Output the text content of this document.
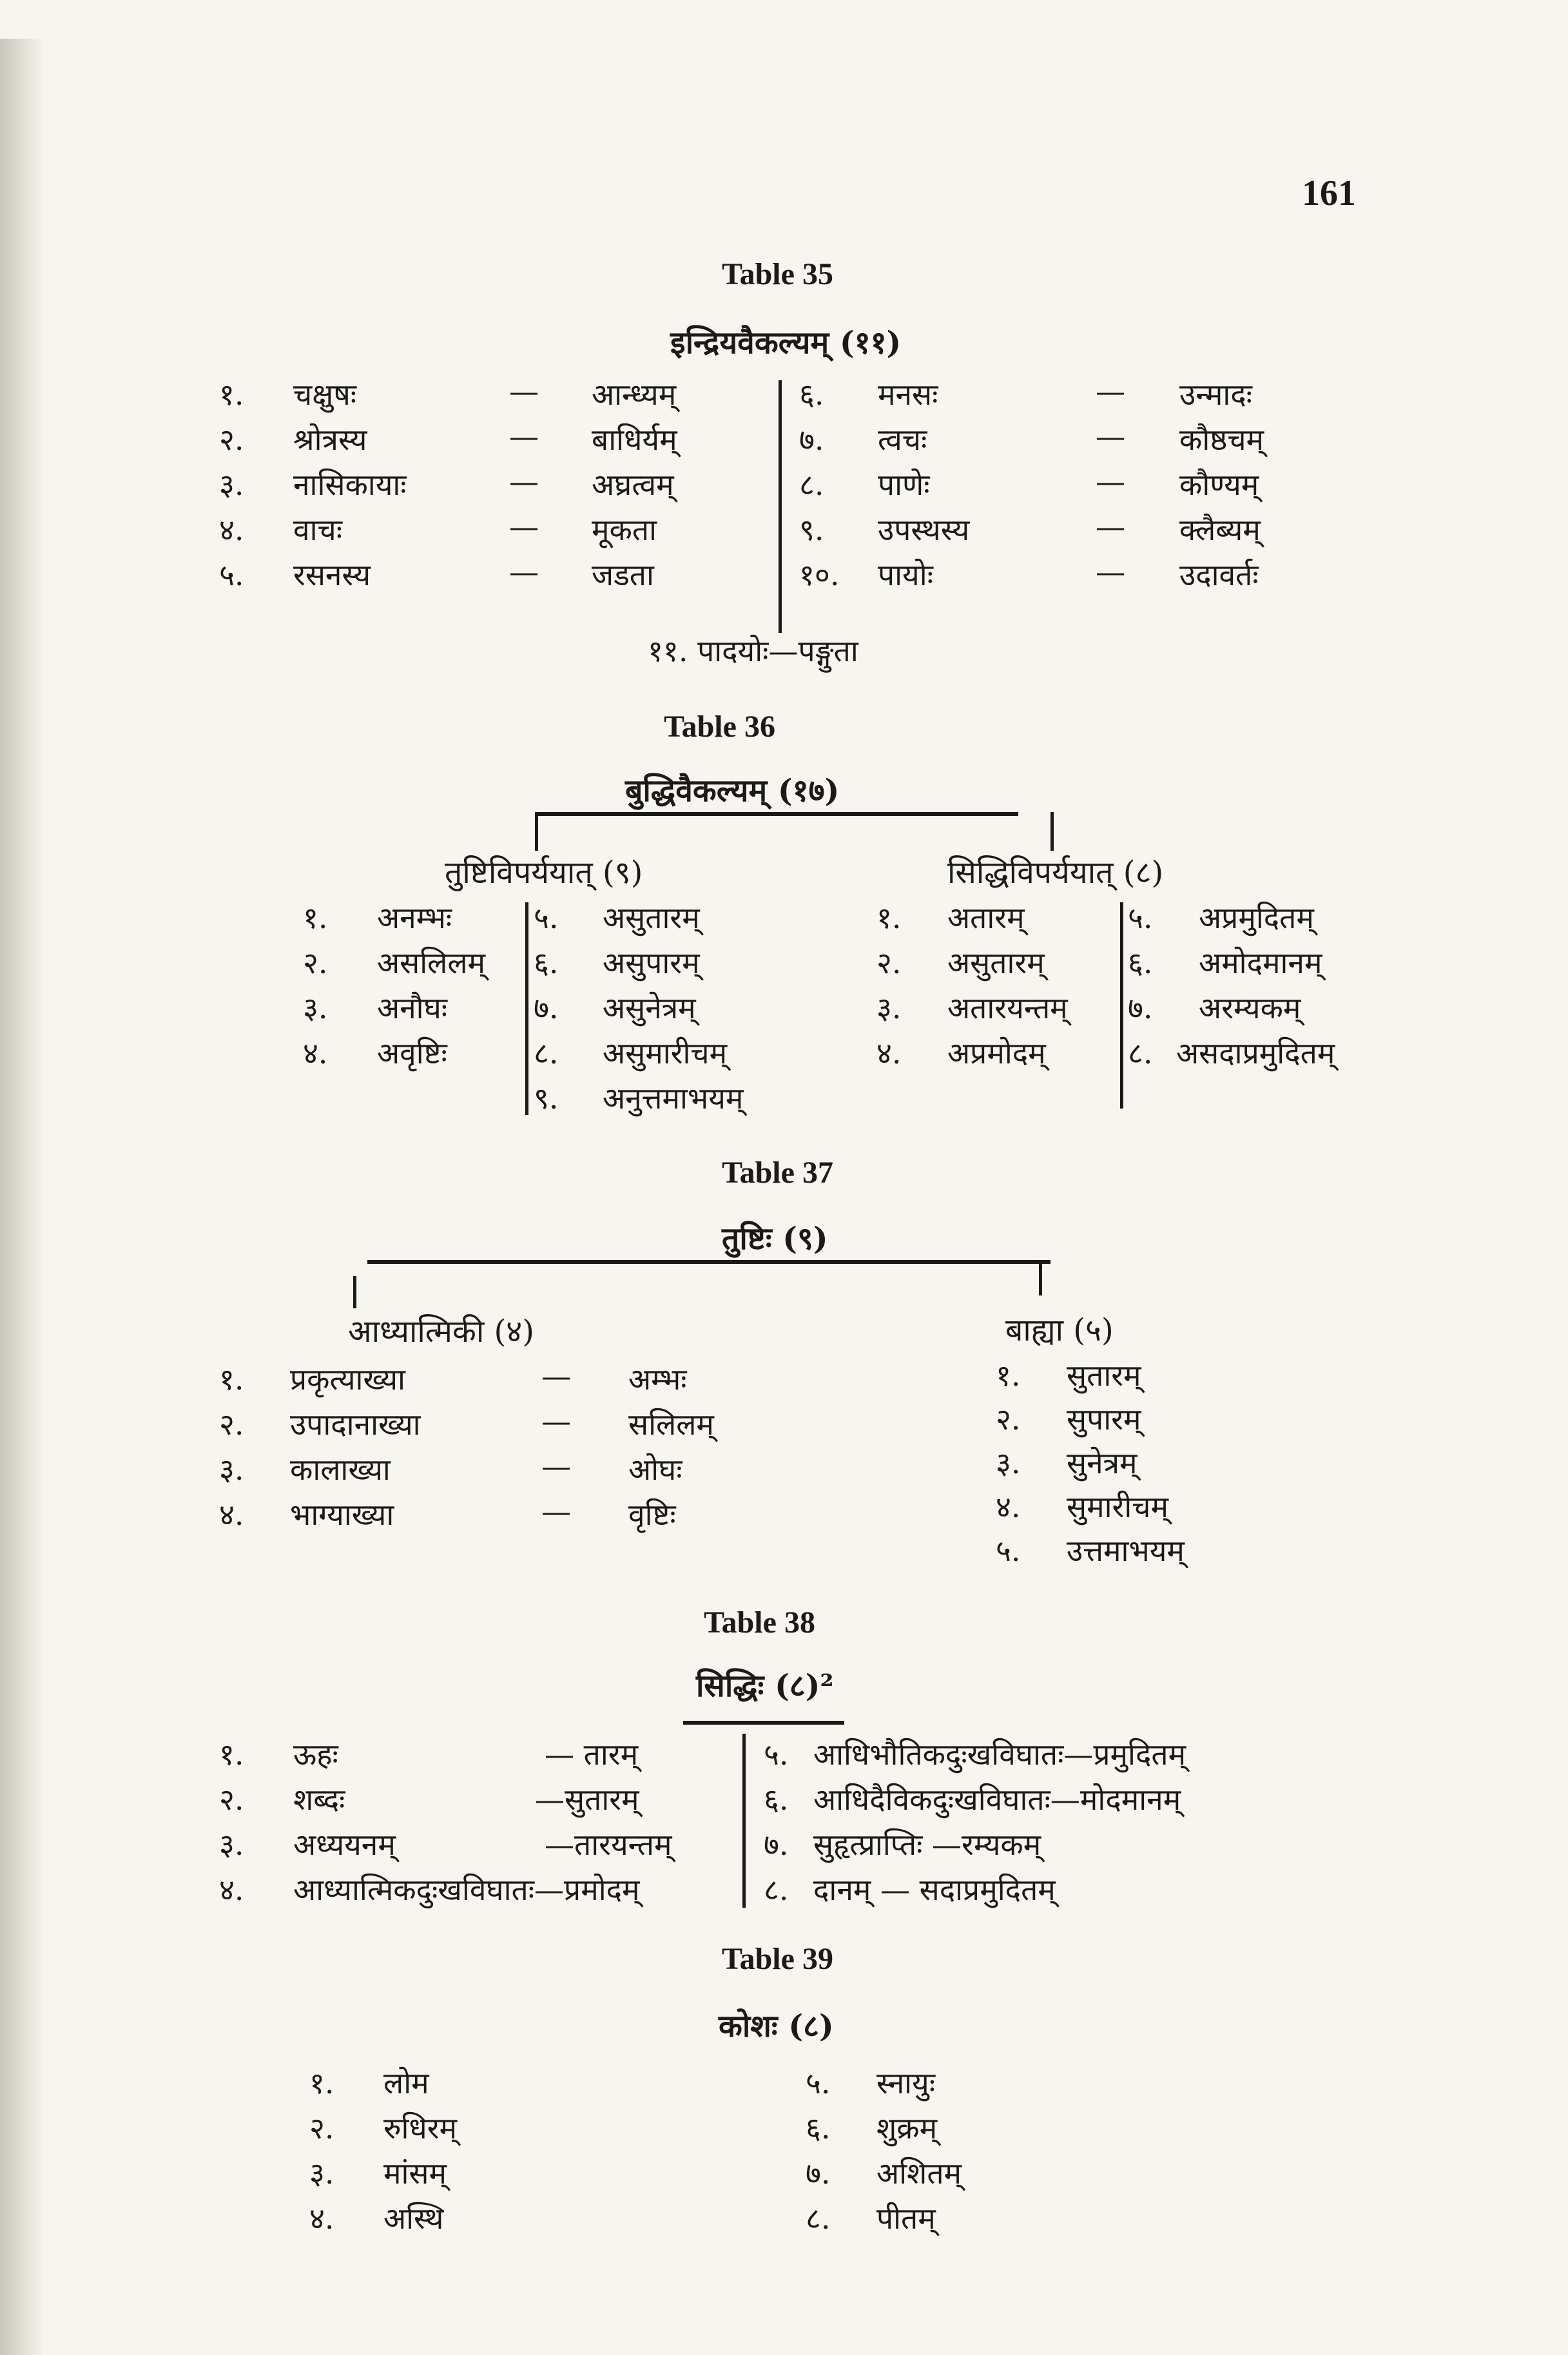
161
Table 35
इन्द्रियवैकल्यम् (११)
१. चक्षुषः	— आन्ध्यम्
२. श्रोत्रस्य	— बाधिर्यम्
३. नासिकायाः	— अघ्रत्वम्
४. वाचः	— मूकता
५. रसनस्य	— जडता
६. मनसः	— उन्मादः
७. त्वचः	— कौष्ठचम्
८. पाणेः	— कौण्यम्
९. उपस्थस्य	— क्लैब्यम्
१०. पायोः	— उदावर्तः
११. पादयोः—पङ्गुता
Table 36
बुद्धिवैकल्यम् (१७)
तुष्टिविपर्ययात् (९)	सिद्धिविपर्ययात् (८)
१. अनम्भः
२. असलिलम्
३. अनौघः
४. अवृष्टिः
५. असुतारम्
६. असुपारम्
७. असुनेत्रम्
८. असुमारीचम्
९. अनुत्तमाभयम्
१. अतारम्
२. असुतारम्
३. अतारयन्तम्
४. अप्रमोदम्
५. अप्रमुदितम्
६. अमोदमानम्
७. अरम्यकम्
८. असदाप्रमुदितम्
Table 37
तुष्टिः (९)
आध्यात्मिकी (४)	बाह्या (५)
१. प्रकृत्याख्या	— अम्भः
२. उपादानाख्या	— सलिलम्
३. कालाख्या	— ओघः
४. भाग्याख्या	— वृष्टिः
१. सुतारम्
२. सुपारम्
३. सुनेत्रम्
४. सुमारीचम्
५. उत्तमाभयम्
Table 38
सिद्धिः (८)²
१. ऊहः	— तारम्
२. शब्दः	—सुतारम्
३. अध्ययनम्	—तारयन्तम्
४. आध्यात्मिकदुःखविघातः—प्रमोदम्
५. आधिभौतिकदुःखविघातः—प्रमुदितम्
६. आधिदैविकदुःखविघातः—मोदमानम्
७. सुहृत्प्राप्तिः —रम्यकम्
८. दानम् — सदाप्रमुदितम्
Table 39
कोशः (८)
१. लोम
२. रुधिरम्
३. मांसम्
४. अस्थि
५. स्नायुः
६. शुक्रम्
७. अशितम्
८. पीतम्
